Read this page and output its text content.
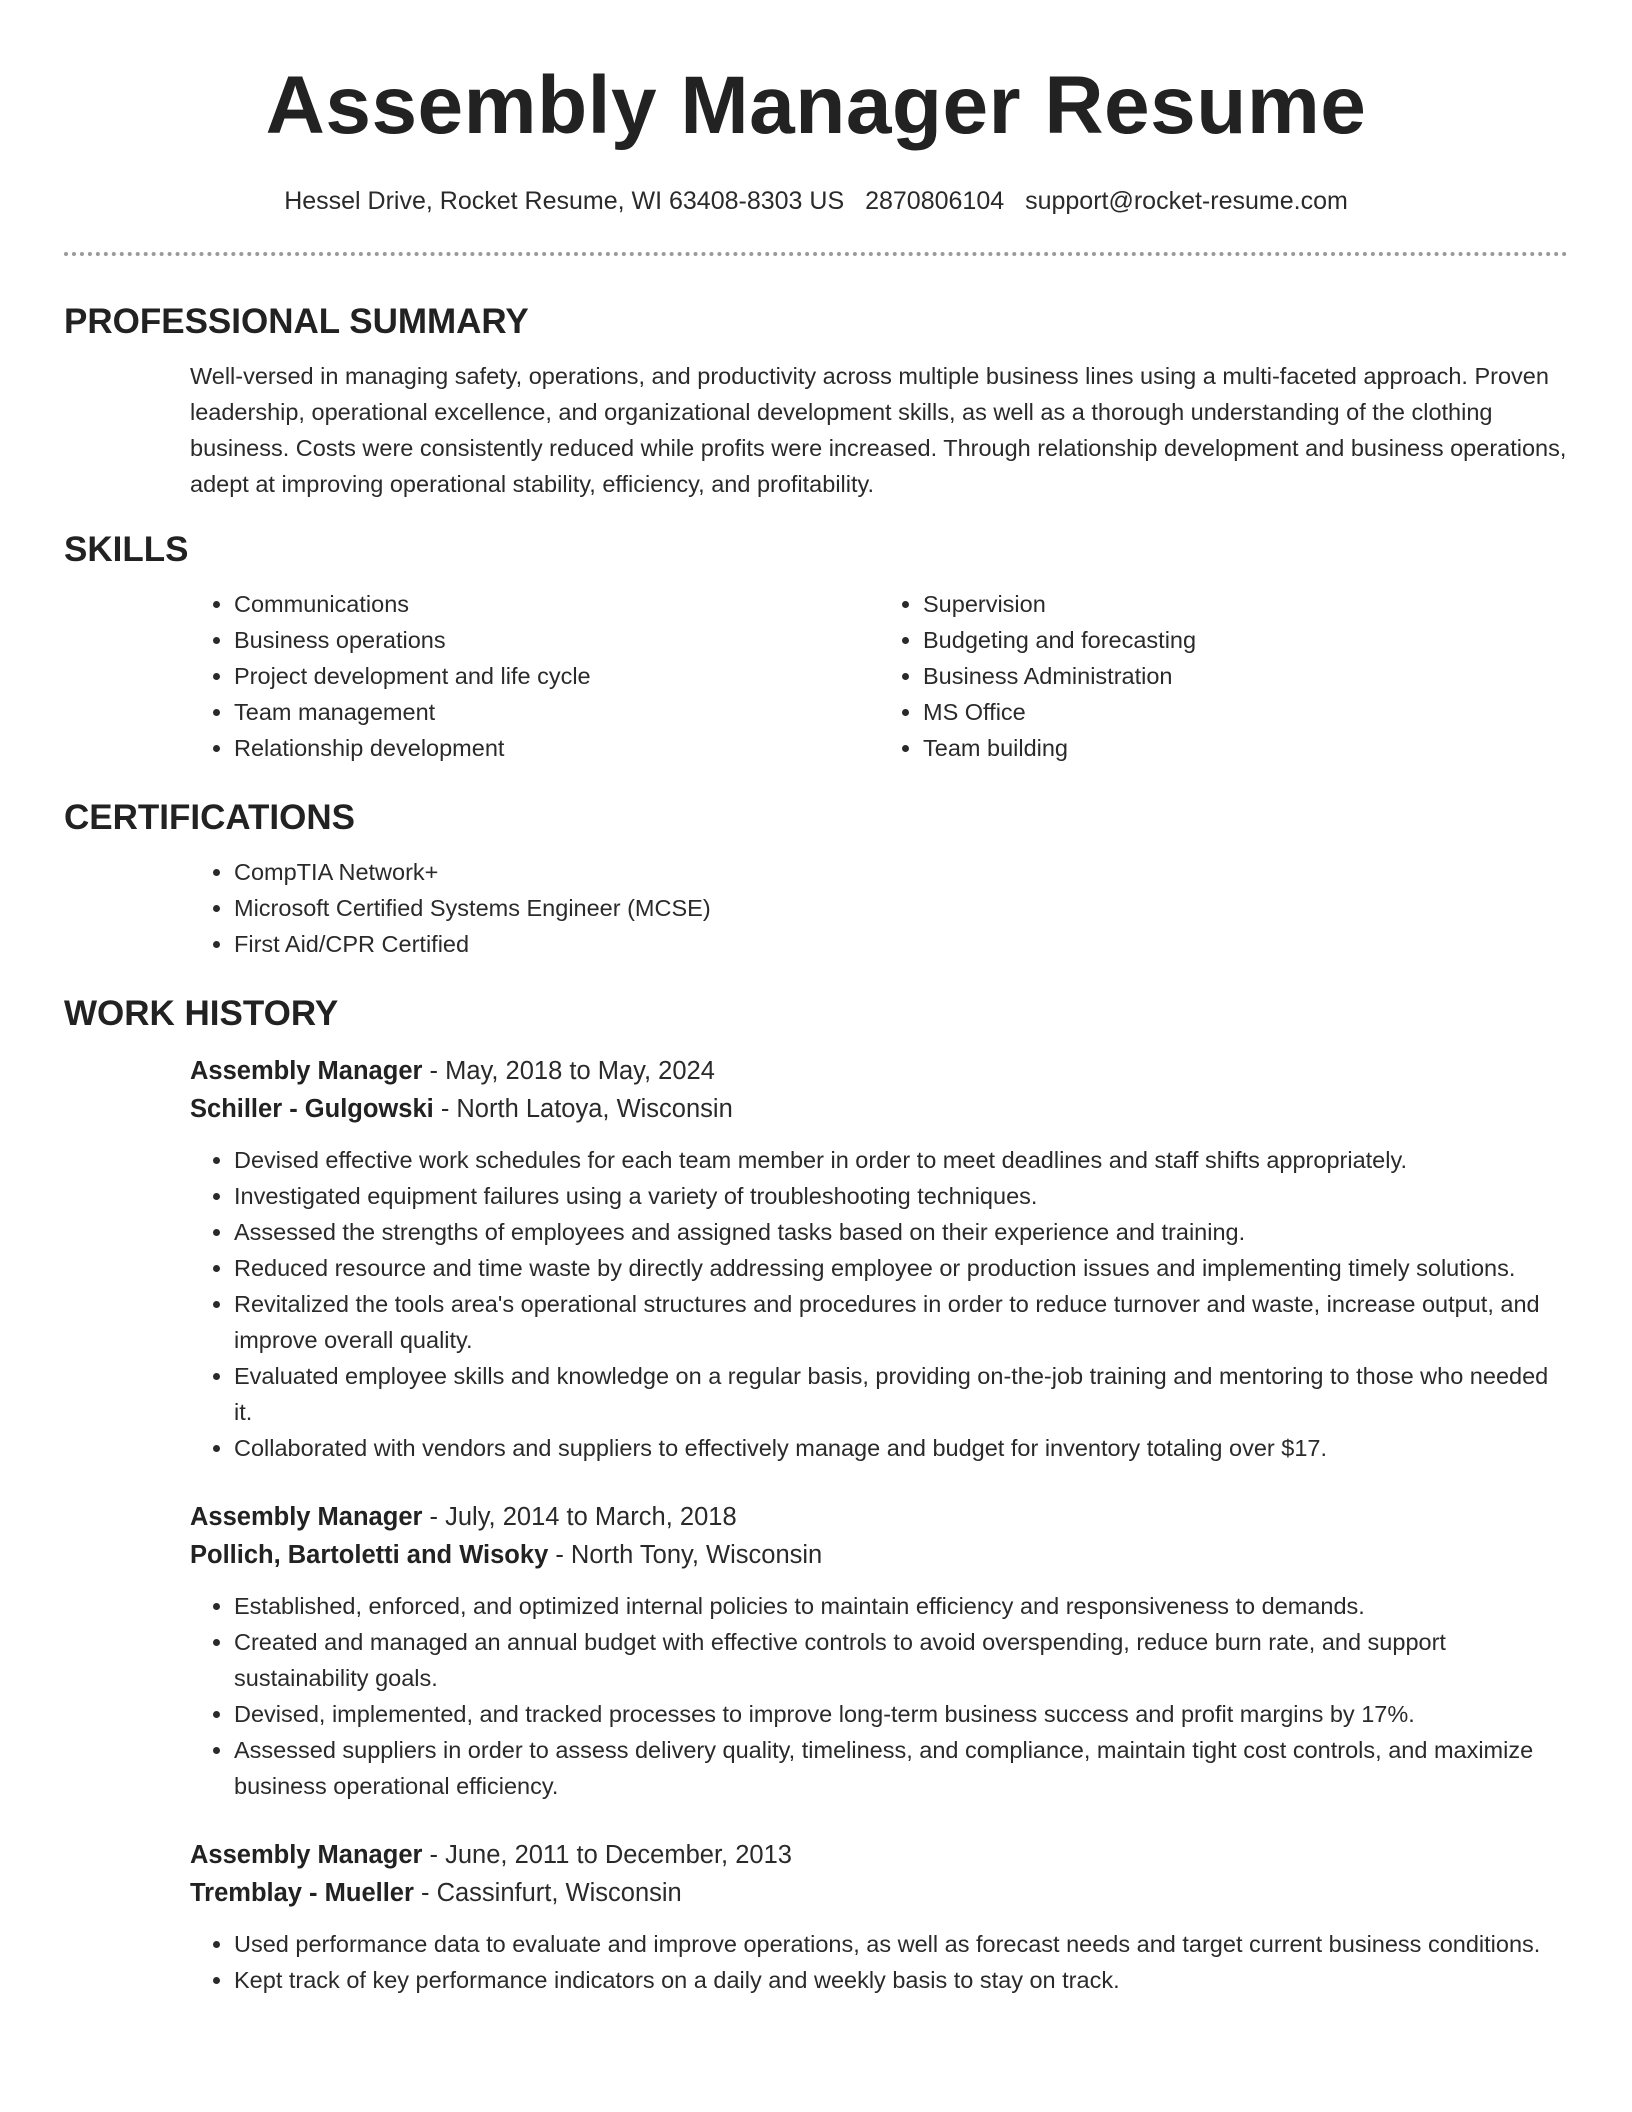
Assembly Manager Resume
Hessel Drive, Rocket Resume, WI 63408-8303 US 2870806104 support@rocket-resume.com
PROFESSIONAL SUMMARY

Well-versed in managing safety, operations, and productivity across multiple business lines using a multi-faceted approach. Proven leadership, operational excellence, and organizational development skills, as well as a thorough understanding of the clothing business. Costs were consistently reduced while profits were increased. Through relationship development and business operations, adept at improving operational stability, efficiency, and profitability.

SKILLS
• Communications
• Business operations
• Project development and life cycle
• Team management
• Relationship development
• Supervision
• Budgeting and forecasting
• Business Administration
• MS Office
• Team building
CERTIFICATIONS
• CompTIA Network+
• Microsoft Certified Systems Engineer (MCSE)
• First Aid/CPR Certified
WORK HISTORY
Assembly Manager - May, 2018 to May, 2024
Schiller - Gulgowski - North Latoya, Wisconsin
• Devised effective work schedules for each team member in order to meet deadlines and staff shifts appropriately.
• Investigated equipment failures using a variety of troubleshooting techniques.
• Assessed the strengths of employees and assigned tasks based on their experience and training.
• Reduced resource and time waste by directly addressing employee or production issues and implementing timely solutions.
• Revitalized the tools area's operational structures and procedures in order to reduce turnover and waste, increase output, and improve overall quality.
• Evaluated employee skills and knowledge on a regular basis, providing on-the-job training and mentoring to those who needed it.
• Collaborated with vendors and suppliers to effectively manage and budget for inventory totaling over $17.
Assembly Manager - July, 2014 to March, 2018
Pollich, Bartoletti and Wisoky - North Tony, Wisconsin
• Established, enforced, and optimized internal policies to maintain efficiency and responsiveness to demands.
• Created and managed an annual budget with effective controls to avoid overspending, reduce burn rate, and support sustainability goals.
• Devised, implemented, and tracked processes to improve long-term business success and profit margins by 17%.
• Assessed suppliers in order to assess delivery quality, timeliness, and compliance, maintain tight cost controls, and maximize business operational efficiency.
Assembly Manager - June, 2011 to December, 2013
Tremblay - Mueller - Cassinfurt, Wisconsin
• Used performance data to evaluate and improve operations, as well as forecast needs and target current business conditions.
• Kept track of key performance indicators on a daily and weekly basis to stay on track.
